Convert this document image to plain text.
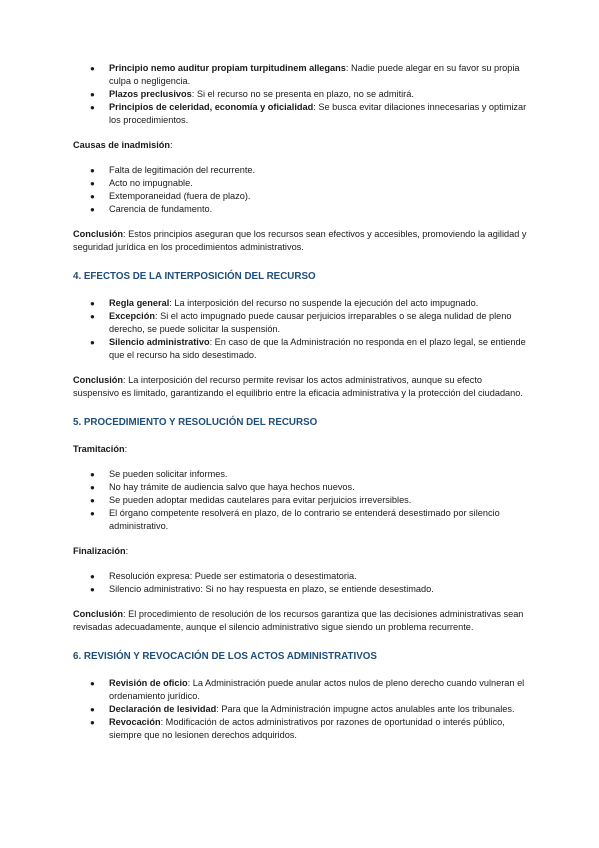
● Principio nemo auditur propiam turpitudinem allegans: Nadie puede alegar en su favor su propia culpa o negligencia.
● Plazos preclusivos: Si el recurso no se presenta en plazo, no se admitirá.
● Principios de celeridad, economía y oficialidad: Se busca evitar dilaciones innecesarias y optimizar los procedimientos.
Causas de inadmisión:
● Falta de legitimación del recurrente.
● Acto no impugnable.
● Extemporaneidad (fuera de plazo).
● Carencia de fundamento.
Conclusión: Estos principios aseguran que los recursos sean efectivos y accesibles, promoviendo la agilidad y seguridad jurídica en los procedimientos administrativos.
4. EFECTOS DE LA INTERPOSICIÓN DEL RECURSO
● Regla general: La interposición del recurso no suspende la ejecución del acto impugnado.
● Excepción: Si el acto impugnado puede causar perjuicios irreparables o se alega nulidad de pleno derecho, se puede solicitar la suspensión.
● Silencio administrativo: En caso de que la Administración no responda en el plazo legal, se entiende que el recurso ha sido desestimado.
Conclusión: La interposición del recurso permite revisar los actos administrativos, aunque su efecto suspensivo es limitado, garantizando el equilibrio entre la eficacia administrativa y la protección del ciudadano.
5. PROCEDIMIENTO Y RESOLUCIÓN DEL RECURSO
Tramitación:
● Se pueden solicitar informes.
● No hay trámite de audiencia salvo que haya hechos nuevos.
● Se pueden adoptar medidas cautelares para evitar perjuicios irreversibles.
● El órgano competente resolverá en plazo, de lo contrario se entenderá desestimado por silencio administrativo.
Finalización:
● Resolución expresa: Puede ser estimatoria o desestimatoria.
● Silencio administrativo: Si no hay respuesta en plazo, se entiende desestimado.
Conclusión: El procedimiento de resolución de los recursos garantiza que las decisiones administrativas sean revisadas adecuadamente, aunque el silencio administrativo sigue siendo un problema recurrente.
6. REVISIÓN Y REVOCACIÓN DE LOS ACTOS ADMINISTRATIVOS
● Revisión de oficio: La Administración puede anular actos nulos de pleno derecho cuando vulneran el ordenamiento jurídico.
● Declaración de lesividad: Para que la Administración impugne actos anulables ante los tribunales.
● Revocación: Modificación de actos administrativos por razones de oportunidad o interés público, siempre que no lesionen derechos adquiridos.
